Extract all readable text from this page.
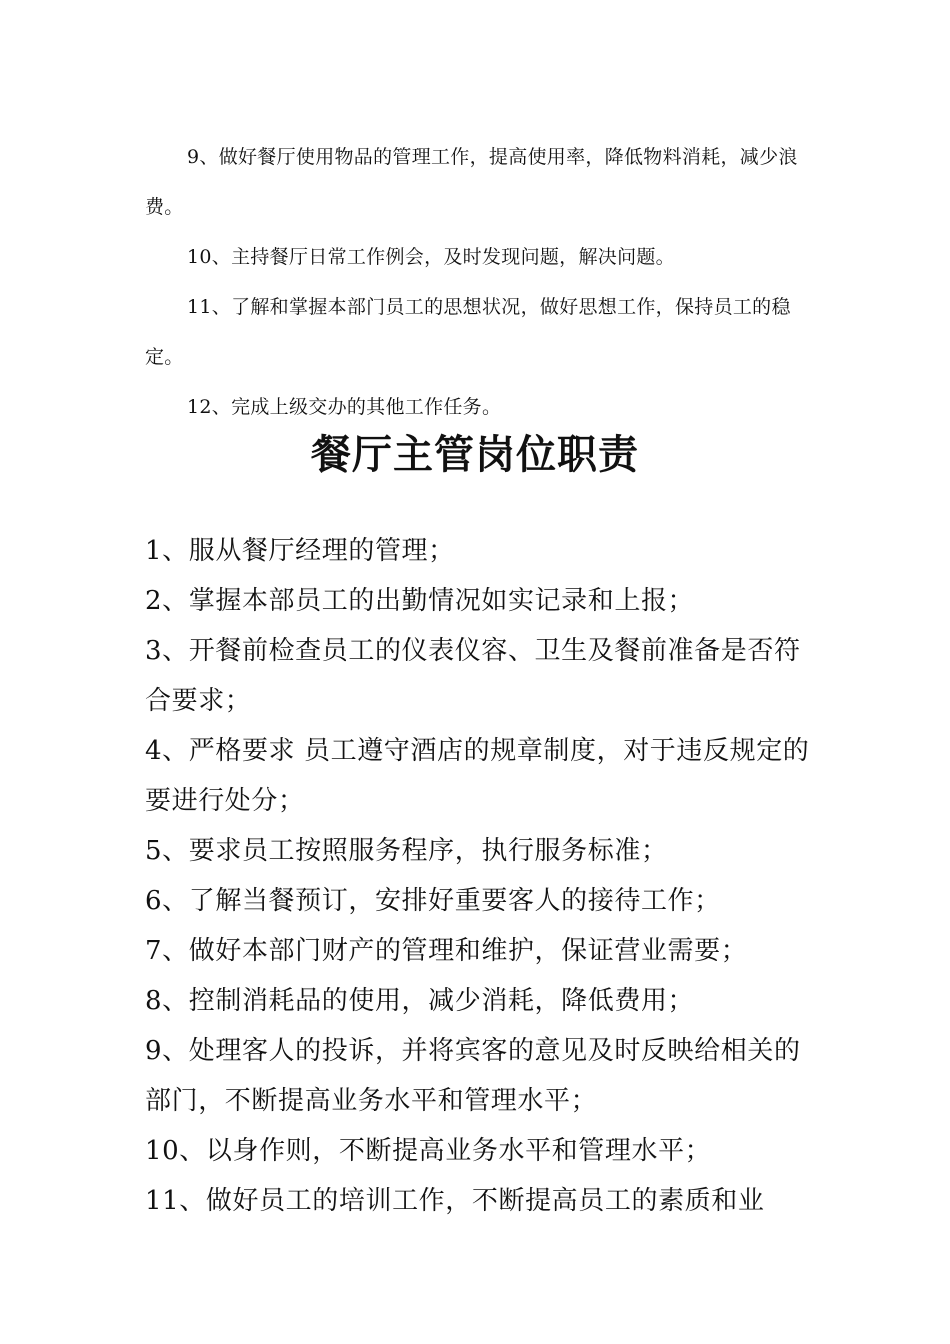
9、做好餐厅使用物品的管理工作，提高使用率，降低物料消耗，减少浪费。

10、主持餐厅日常工作例会，及时发现问题，解决问题。

11、了解和掌握本部门员工的思想状况，做好思想工作，保持员工的稳定。

12、完成上级交办的其他工作任务。

餐厅主管岗位职责
1、服从餐厅经理的管理；
2、掌握本部员工的出勤情况如实记录和上报；
3、开餐前检查员工的仪表仪容、卫生及餐前准备是否符合要求；
4、严格要求 员工遵守酒店的规章制度，对于违反规定的要进行处分；
5、要求员工按照服务程序，执行服务标准；
6、了解当餐预订，安排好重要客人的接待工作；
7、做好本部门财产的管理和维护，保证营业需要；
8、控制消耗品的使用，减少消耗，降低费用；
9、处理客人的投诉，并将宾客的意见及时反映给相关的部门，不断提高业务水平和管理水平；
10、以身作则，不断提高业务水平和管理水平；
11、做好员工的培训工作，不断提高员工的素质和业
